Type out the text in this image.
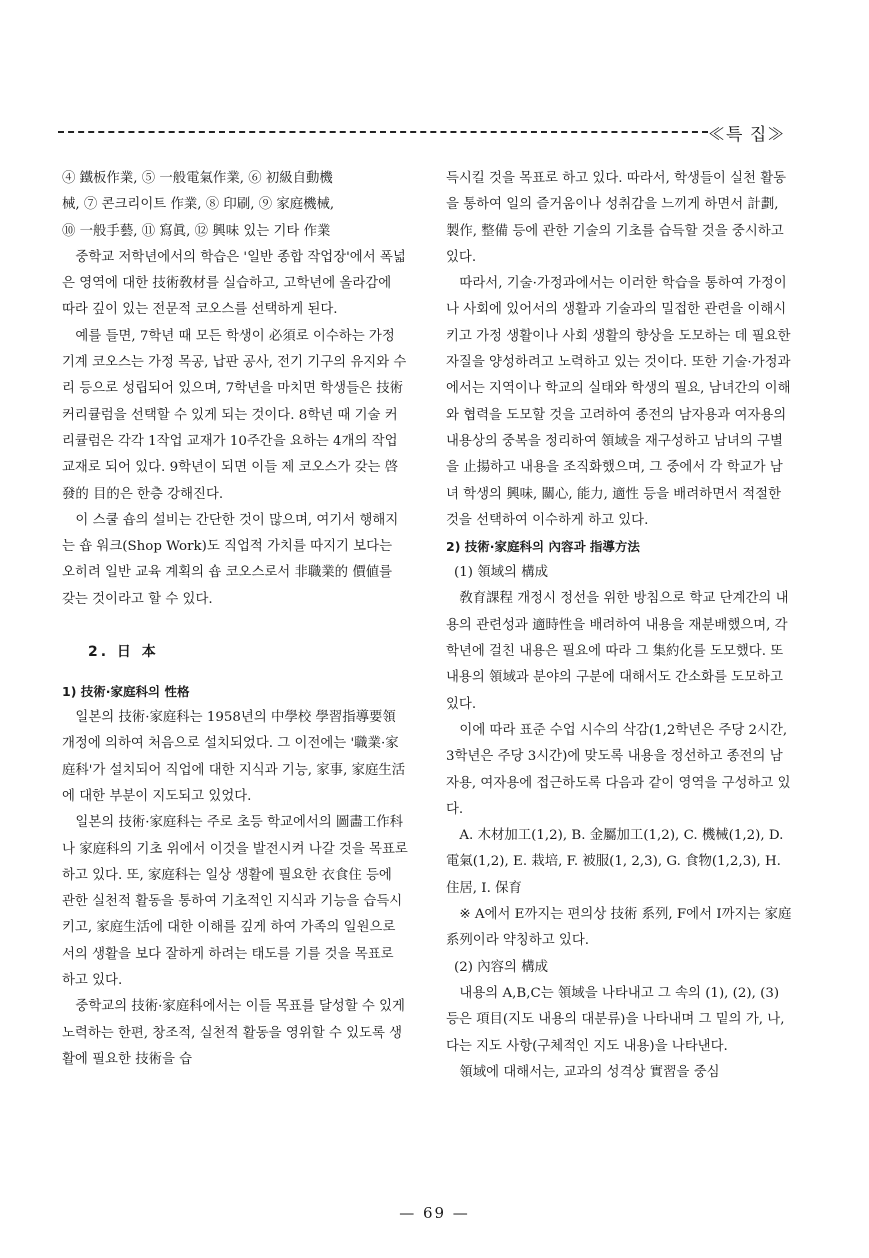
≪특 집≫

④ 鐵板作業, ⑤ 一般電氣作業, ⑥ 初級自動機

械, ⑦ 콘크리이트 作業, ⑧ 印刷, ⑨ 家庭機械,

⑩ 一般手藝, ⑪ 寫眞, ⑫ 興味 있는 기타 作業

중학교 저학년에서의 학습은 '일반 종합 작업장'에서 폭넓은 영역에 대한 技術敎材를 실습하고, 고학년에 올라감에 따라 깊이 있는 전문적 코오스를 선택하게 된다.

예를 들면, 7학년 때 모든 학생이 必須로 이수하는 가정 기계 코오스는 가정 목공, 납판 공사, 전기 기구의 유지와 수리 등으로 성립되어 있으며, 7학년을 마치면 학생들은 技術 커리큘럼을 선택할 수 있게 되는 것이다. 8학년 때 기술 커리큘럼은 각각 1작업 교재가 10주간을 요하는 4개의 작업 교재로 되어 있다. 9학년이 되면 이들 제 코오스가 갖는 啓發的 目的은 한층 강해진다.

이 스쿨 숍의 설비는 간단한 것이 많으며, 여기서 행해지는 숍 워크(Shop Work)도 직업적 가치를 따지기 보다는 오히려 일반 교육 계획의 숍 코오스로서 非職業的 價値를 갖는 것이라고 할 수 있다.

2. 日 本

1) 技術·家庭科의 性格

일본의 技術·家庭科는 1958년의 中學校 學習指導要領 개정에 의하여 처음으로 설치되었다. 그 이전에는 '職業·家庭科'가 설치되어 직업에 대한 지식과 기능, 家事, 家庭生活에 대한 부분이 지도되고 있었다.

일본의 技術·家庭科는 주로 초등 학교에서의 圖畵工作科나 家庭科의 기초 위에서 이것을 발전시켜 나갈 것을 목표로 하고 있다. 또, 家庭科는 일상 생활에 필요한 衣食住 등에 관한 실천적 활동을 통하여 기초적인 지식과 기능을 습득시키고, 家庭生活에 대한 이해를 깊게 하여 가족의 일원으로서의 생활을 보다 잘하게 하려는 태도를 기를 것을 목표로 하고 있다.

중학교의 技術·家庭科에서는 이들 목표를 달성할 수 있게 노력하는 한편, 창조적, 실천적 활동을 영위할 수 있도록 생활에 필요한 技術을 습

득시킬 것을 목표로 하고 있다. 따라서, 학생들이 실천 활동을 통하여 일의 즐거움이나 성취감을 느끼게 하면서 計劃, 製作, 整備 등에 관한 기술의 기초를 습득할 것을 중시하고 있다.

따라서, 기술·가정과에서는 이러한 학습을 통하여 가정이나 사회에 있어서의 생활과 기술과의 밀접한 관련을 이해시키고 가정 생활이나 사회 생활의 향상을 도모하는 데 필요한 자질을 양성하려고 노력하고 있는 것이다. 또한 기술·가정과에서는 지역이나 학교의 실태와 학생의 필요, 남녀간의 이해와 협력을 도모할 것을 고려하여 종전의 남자용과 여자용의 내용상의 중복을 정리하여 領域을 재구성하고 남녀의 구별을 止揚하고 내용을 조직화했으며, 그 중에서 각 학교가 남녀 학생의 興味, 關心, 能力, 適性 등을 배려하면서 적절한 것을 선택하여 이수하게 하고 있다.

2) 技術·家庭科의 內容과 指導方法

(1) 領域의 構成

敎育課程 개정시 정선을 위한 방침으로 학교 단계간의 내용의 관련성과 適時性을 배려하여 내용을 재분배했으며, 각 학년에 걸친 내용은 필요에 따라 그 集約化를 도모했다. 또 내용의 領域과 분야의 구분에 대해서도 간소화를 도모하고 있다.

이에 따라 표준 수업 시수의 삭감(1,2학년은 주당 2시간, 3학년은 주당 3시간)에 맞도록 내용을 정선하고 종전의 남자용, 여자용에 접근하도록 다음과 같이 영역을 구성하고 있다.

A. 木材加工(1,2), B. 金屬加工(1,2), C. 機械(1,2), D. 電氣(1,2), E. 栽培, F. 被服(1, 2,3), G. 食物(1,2,3), H. 住居, I. 保育

※ A에서 E까지는 편의상 技術 系列, F에서 I까지는 家庭 系列이라 약칭하고 있다.

(2) 內容의 構成

내용의 A,B,C는 領域을 나타내고 그 속의 (1), (2), (3) 등은 項目(지도 내용의 대분류)을 나타내며 그 밑의 가, 나, 다는 지도 사항(구체적인 지도 내용)을 나타낸다.

領域에 대해서는, 교과의 성격상 實習을 중심

— 69 —
